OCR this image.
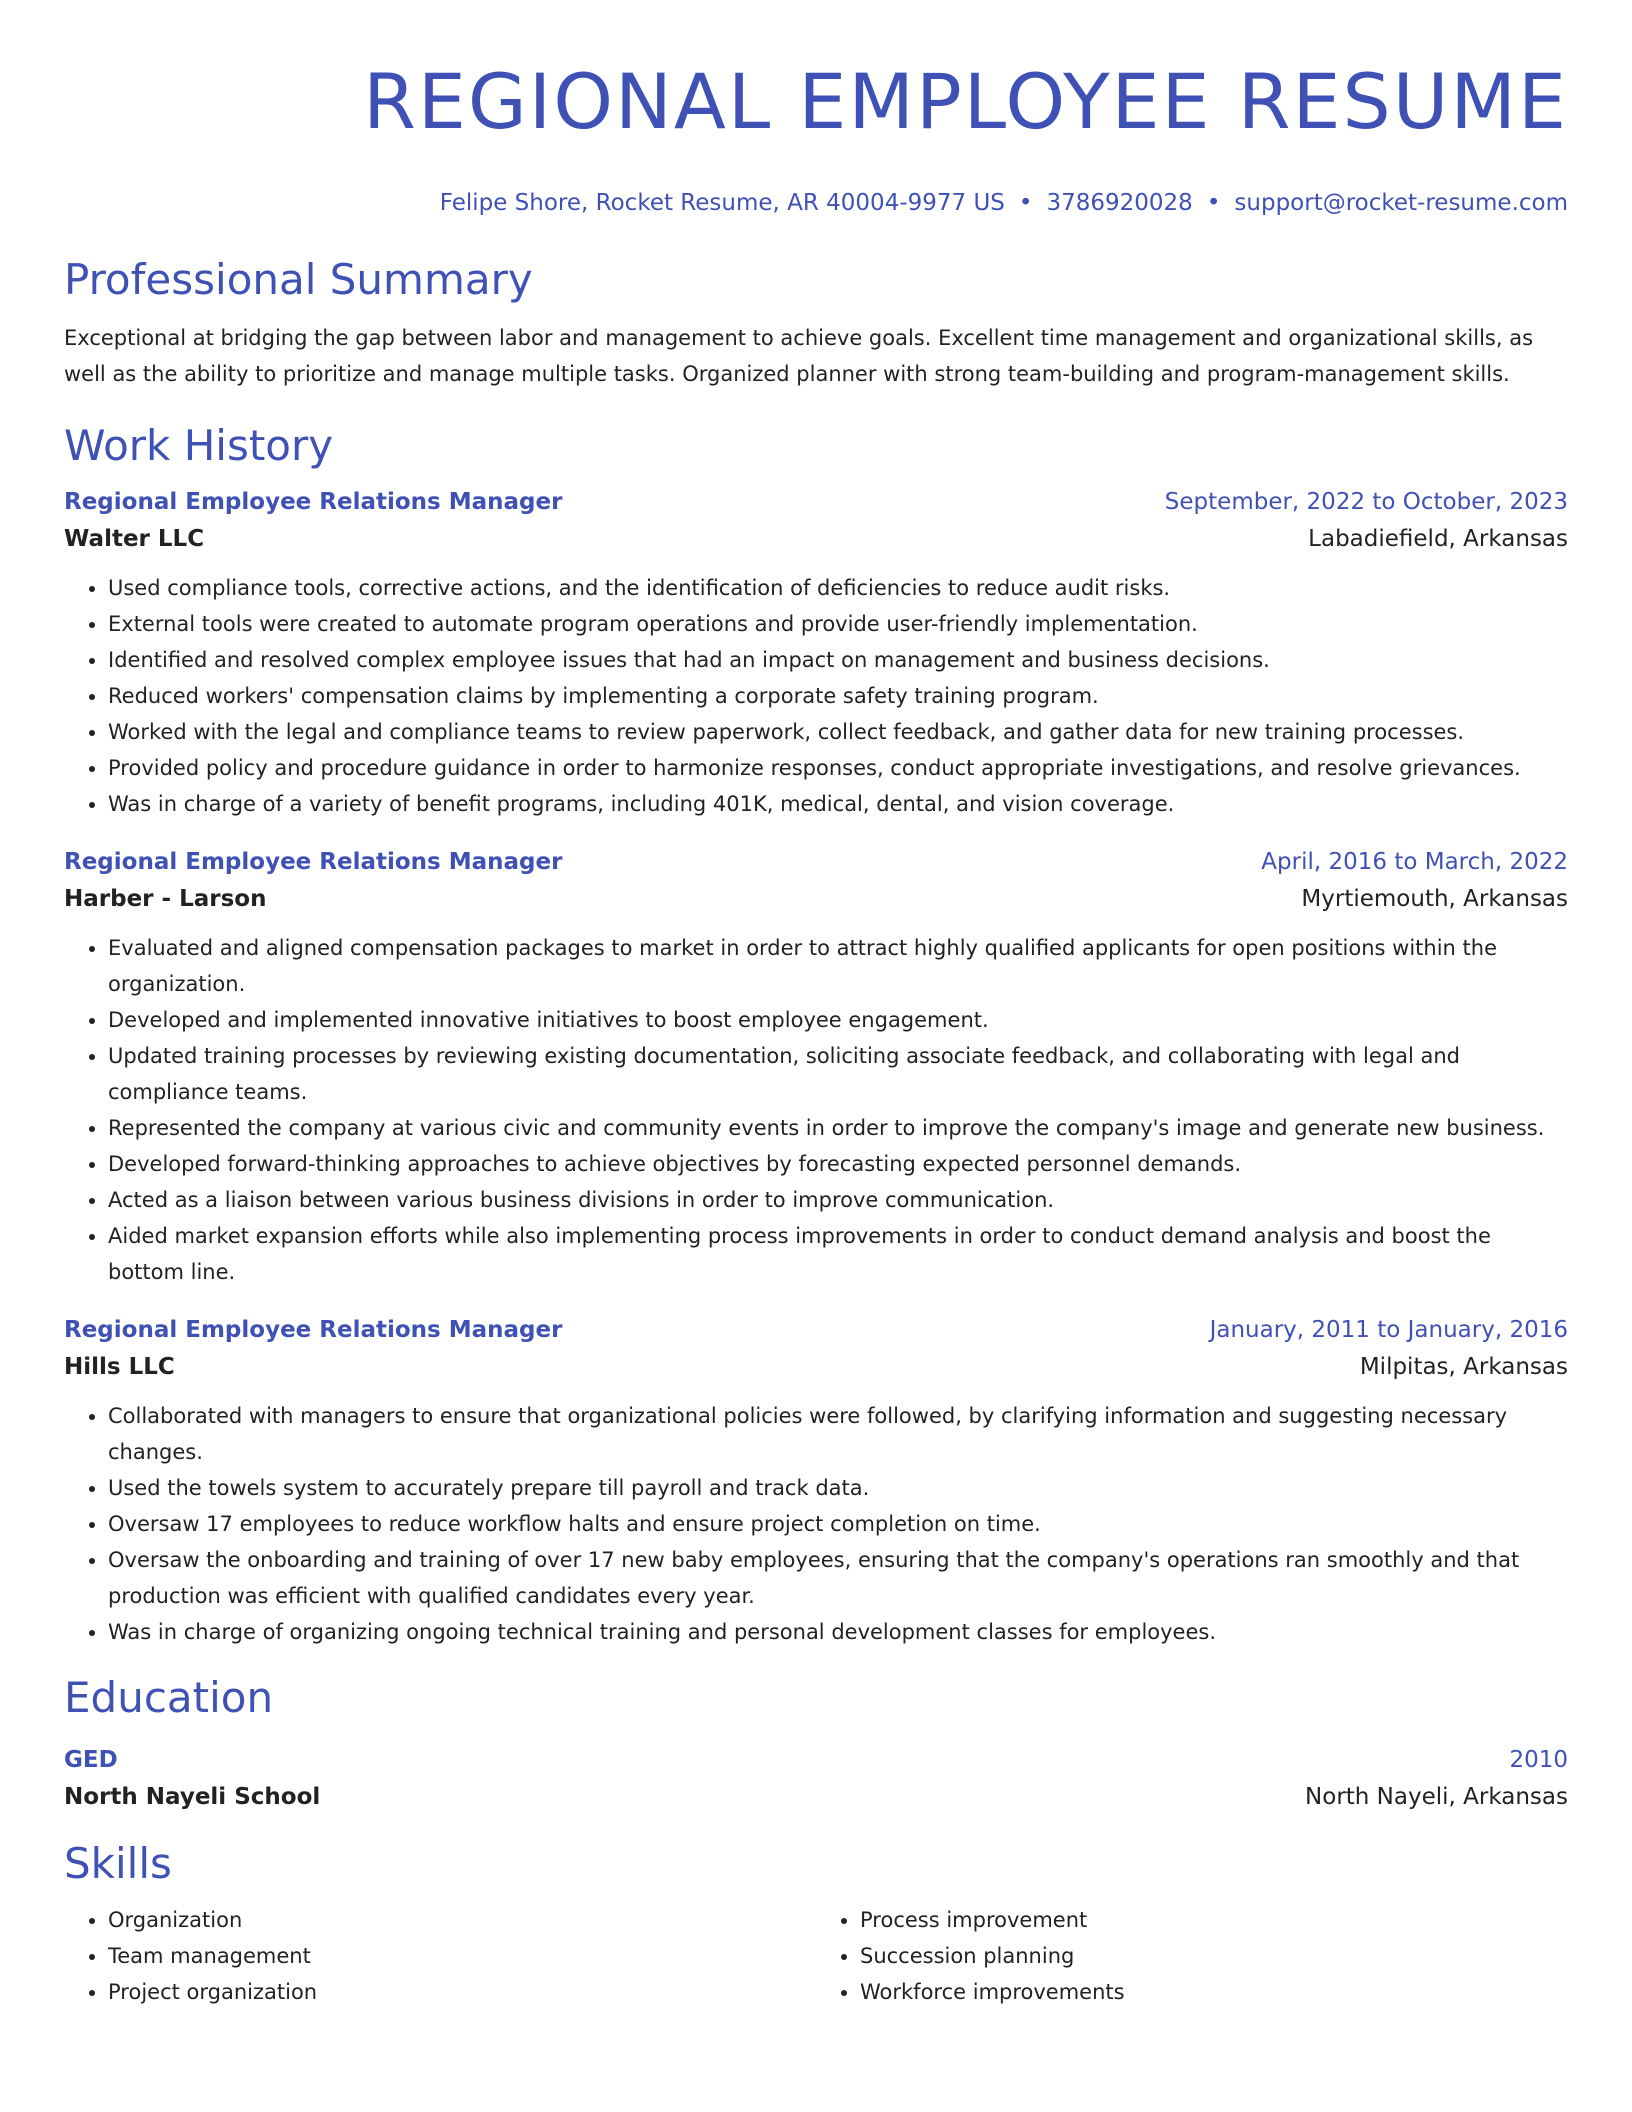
REGIONAL EMPLOYEE RESUME
Felipe Shore, Rocket Resume, AR 40004-9977 US • 3786920028 • support@rocket-resume.com
Professional Summary
Exceptional at bridging the gap between labor and management to achieve goals. Excellent time management and organizational skills, as well as the ability to prioritize and manage multiple tasks. Organized planner with strong team-building and program-management skills.
Work History
Regional Employee Relations Manager	September, 2022 to October, 2023
Walter LLC	Labadiefield, Arkansas
• Used compliance tools, corrective actions, and the identification of deficiencies to reduce audit risks.
• External tools were created to automate program operations and provide user-friendly implementation.
• Identified and resolved complex employee issues that had an impact on management and business decisions.
• Reduced workers' compensation claims by implementing a corporate safety training program.
• Worked with the legal and compliance teams to review paperwork, collect feedback, and gather data for new training processes.
• Provided policy and procedure guidance in order to harmonize responses, conduct appropriate investigations, and resolve grievances.
• Was in charge of a variety of benefit programs, including 401K, medical, dental, and vision coverage.
Regional Employee Relations Manager	April, 2016 to March, 2022
Harber - Larson	Myrtiemouth, Arkansas
• Evaluated and aligned compensation packages to market in order to attract highly qualified applicants for open positions within the organization.
• Developed and implemented innovative initiatives to boost employee engagement.
• Updated training processes by reviewing existing documentation, soliciting associate feedback, and collaborating with legal and compliance teams.
• Represented the company at various civic and community events in order to improve the company's image and generate new business.
• Developed forward-thinking approaches to achieve objectives by forecasting expected personnel demands.
• Acted as a liaison between various business divisions in order to improve communication.
• Aided market expansion efforts while also implementing process improvements in order to conduct demand analysis and boost the bottom line.
Regional Employee Relations Manager	January, 2011 to January, 2016
Hills LLC	Milpitas, Arkansas
• Collaborated with managers to ensure that organizational policies were followed, by clarifying information and suggesting necessary changes.
• Used the towels system to accurately prepare till payroll and track data.
• Oversaw 17 employees to reduce workflow halts and ensure project completion on time.
• Oversaw the onboarding and training of over 17 new baby employees, ensuring that the company's operations ran smoothly and that production was efficient with qualified candidates every year.
• Was in charge of organizing ongoing technical training and personal development classes for employees.
Education
GED	2010
North Nayeli School	North Nayeli, Arkansas
Skills
• Organization
• Team management
• Project organization
• Process improvement
• Succession planning
• Workforce improvements
